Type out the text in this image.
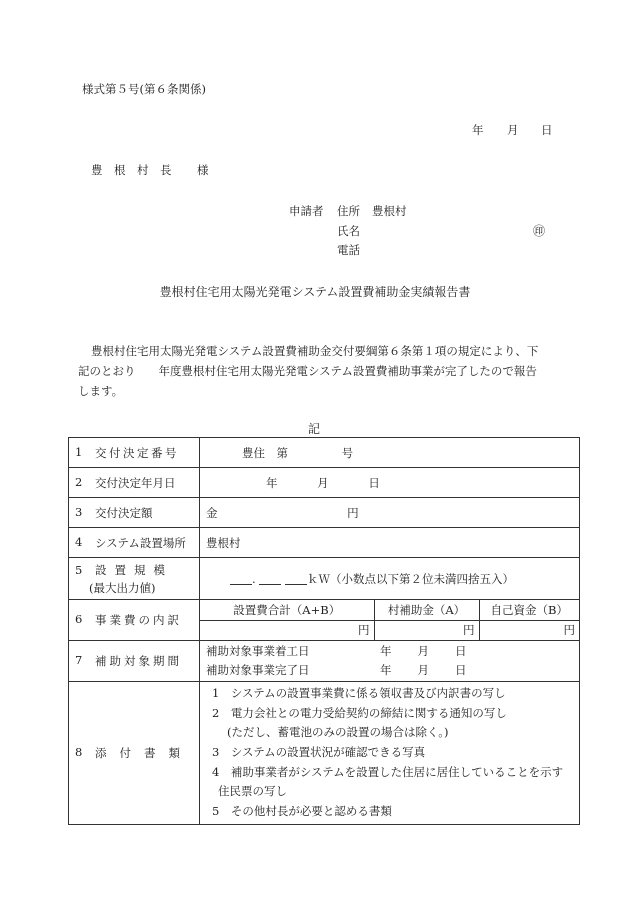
様式第５号(第６条関係)
年 月 日
豊　根　村　長 様
申請者 住所 豊根村
氏名	㊞
電話
豊根村住宅用太陽光発電システム設置費補助金実績報告書
豊根村住宅用太陽光発電システム設置費補助金交付要綱第６条第１項の規定により、下
記のとおり　　年度豊根村住宅用太陽光発電システム設置費補助事業が完了したので報告
します。
記
1	交付決定番号	豊住　第	号

2	交付決定年月日	年	月	日

3	交付決定額	金	円

4	システム設置場所	豊根村

5	設置規模
(最大出力値)
	.	ｋＷ（小数点以下第２位未満四捨五入）

6	事業費の内訳

設置費合計（A+B）	村補助金（A）	自己資金（B）
円	円	円

7	補助対象期間

補助対象事業着工日	年 月 日
補助対象事業完了日	年 月 日

8	添付書類

1　システムの設置事業費に係る領収書及び内訳書の写し
2　電力会社との電力受給契約の締結に関する通知の写し
(ただし、蓄電池のみの設置の場合は除く。)
3　システムの設置状況が確認できる写真
4　補助事業者がシステムを設置した住居に居住していることを示す
住民票の写し
5　その他村長が必要と認める書類
